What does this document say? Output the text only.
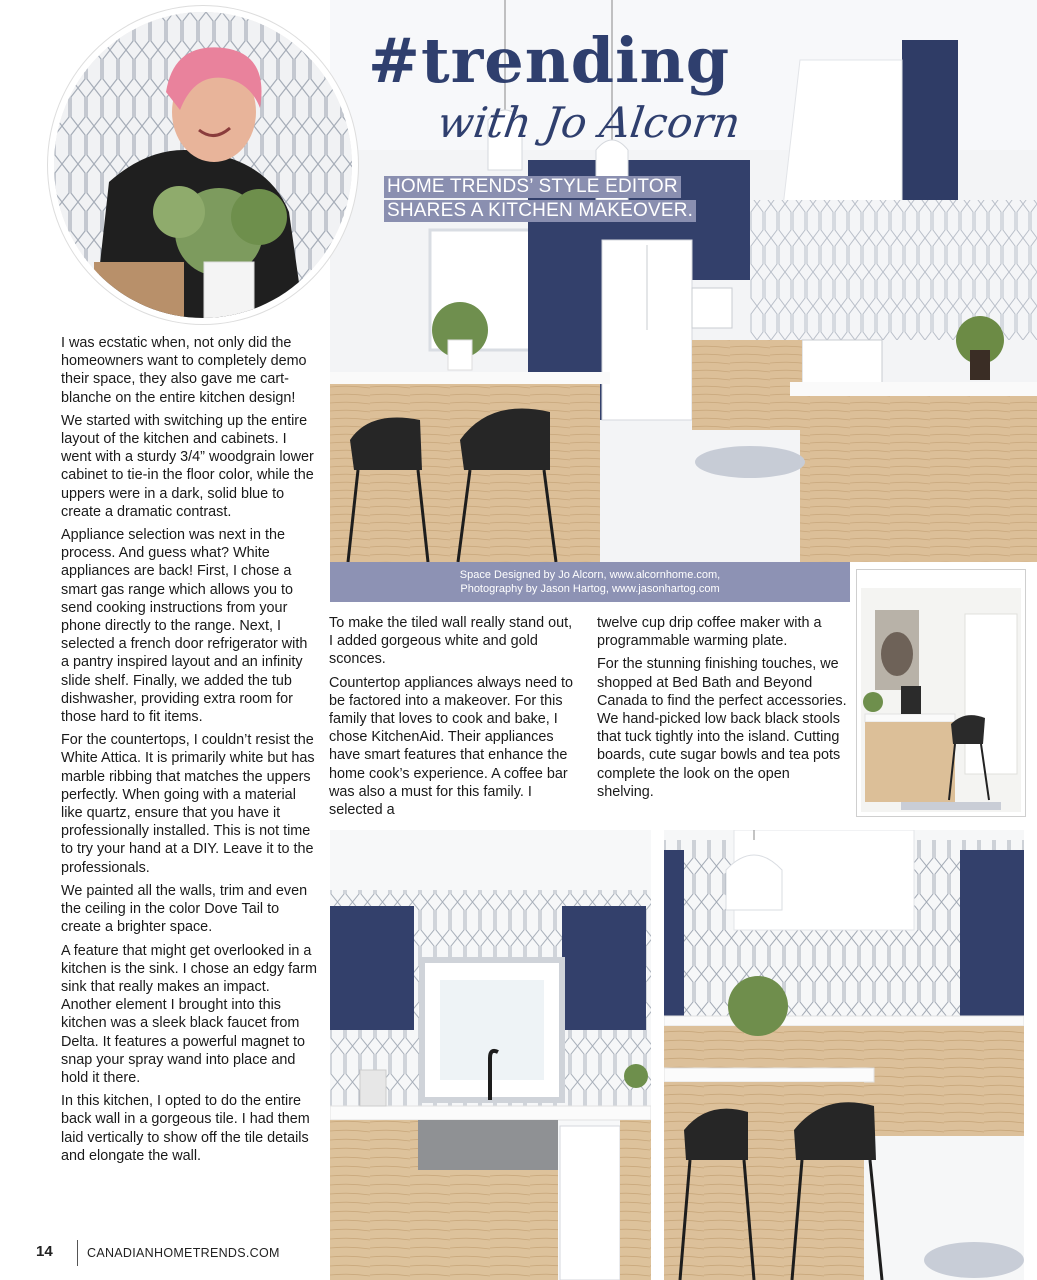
#trending
with Jo Alcorn
HOME TRENDS’ STYLE EDITOR
SHARES A KITCHEN MAKEOVER.
Space Designed by Jo Alcorn, www.alcornhome.com,
Photography by Jason Hartog, www.jasonhartog.com

I was ecstatic when, not only did the homeowners want to completely demo their space, they also gave me cart-blanche on the entire kitchen design!

We started with switching up the entire layout of the kitchen and cabinets. I went with a sturdy 3/4” woodgrain lower cabinet to tie-in the floor color, while the uppers were in a dark, solid blue to create a dramatic contrast.

Appliance selection was next in the process. And guess what? White appliances are back! First, I chose a smart gas range which allows you to send cooking instructions from your phone directly to the range. Next, I selected a french door refrigerator with a pantry inspired layout and an infinity slide shelf. Finally, we added the tub dishwasher, providing extra room for those hard to fit items.

For the countertops, I couldn’t resist the White Attica. It is primarily white but has marble ribbing that matches the uppers perfectly. When going with a material like quartz, ensure that you have it professionally installed. This is not time to try your hand at a DIY. Leave it to the professionals.

We painted all the walls, trim and even the ceiling in the color Dove Tail to create a brighter space.

A feature that might get overlooked in a kitchen is the sink. I chose an edgy farm sink that really makes an impact. Another element I brought into this kitchen was a sleek black faucet from Delta. It features a powerful magnet to snap your spray wand into place and hold it there.

In this kitchen, I opted to do the entire back wall in a gorgeous tile. I had them laid vertically to show off the tile details and elongate the wall.

To make the tiled wall really stand out, I added gorgeous white and gold sconces.

Countertop appliances always need to be factored into a makeover. For this family that loves to cook and bake, I chose KitchenAid. Their appliances have smart features that enhance the home cook’s experience. A coffee bar was also a must for this family. I selected a

twelve cup drip coffee maker with a programmable warming plate.

For the stunning finishing touches, we shopped at Bed Bath and Beyond Canada to find the perfect accessories. We hand-picked low back black stools that tuck tightly into the island. Cutting boards, cute sugar bowls and tea pots complete the look on the open shelving.

14	CANADIANHOMETRENDS.COM
